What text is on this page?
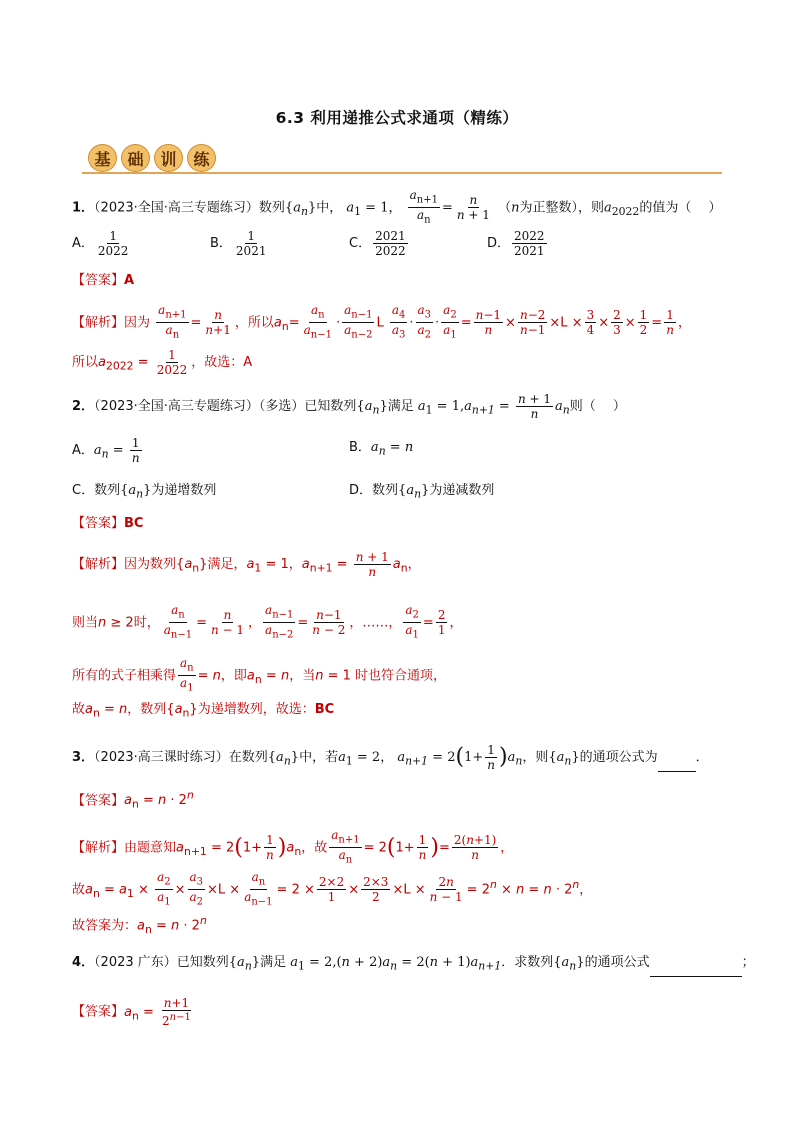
6.3 利用递推公式求通项（精练）
基	础	训	练
1．（2023·全国·高三专题练习）数列$\{a_n\}$中， $a_1 = 1$， $\frac{a_{n+1}}{a_n} = \frac{n}{n + 1} (n$为正整数），则$a_{2022}$的值为（　 ）
A． $\frac{1}{2022}$	B． $\frac{1}{2021}$	C． $\frac{2021}{2022}$	D． $\frac{2022}{2021}$
【答案】A
【解析】因为 $\frac{a_{n+1}}{a_n} = \frac{n}{n+1}$ ，所以$a_n= \frac{a_n}{a_{n-1}} \cdot \frac{a_{n-1}}{a_{n-2}}$ L $\frac{a_4}{a_3} \cdot \frac{a_3}{a_2} \cdot \frac{a_2}{a_1} = \frac{n-1}{n} \times \frac{n-2}{n-1} \times L \times \frac{3}{4} \times \frac{2}{3} \times \frac{1}{2} = \frac{1}{n}$ ，
所以$a_{2022} = \frac{1}{2022}$ ，故选：A
2．（2023·全国·高三专题练习）（多选）已知数列$\{a_n\}$满足 $a_1 = 1,a_{n+1} = \frac{n + 1}{n} a_n$则（　 ）
A．$a_n = \frac{1}{n}$	B．$a_n = n$
C．数列$\{a_n\}$为递增数列	D．数列$\{a_n\}$为递减数列
【答案】BC
【解析】因为数列$\{a_n\}$满足，$a_1 = 1$，$a_{n+1} = \frac{n + 1}{n} a_n$，
则当n ≥ 2时， $\frac{a_n}{a_{n-1}} = \frac{n}{n - 1}$ ， $\frac{a_{n-1}}{a_{n-2}} = \frac{n-1}{n - 2}$ ，……， $\frac{a_2}{a_1} = \frac{2}{1}$ ，
所有的式子相乘得 $\frac{a_n}{a_1} = n$，即$a_n = n$，当n = 1 时也符合通项，
故$a_n = n$，数列$\{a_n\}$为递增数列，故选：BC
3．（2023·高三课时练习）在数列$\{a_n\}$中，若$a_1 = 2$， $a_{n+1} = 2(1+ \frac{1}{n} )a_n$，则$\{a_n\}$的通项公式为	．
【答案】$a_n = n \cdot 2^n$
【解析】由题意知$a_{n+1} = 2(1+ \frac{1}{n} )a_n$，故 $\frac{a_{n+1}}{a_n} = 2(1+ \frac{1}{n}$ )= $\frac{2(n+1)}{n}$ ，
故$a_n = a_1 \times \frac{a_2}{a_1} \times \frac{a_3}{a_2} \times L \times \frac{a_n}{a_{n-1}} = 2 \times \frac{2\times 2}{1} \times \frac{2\times 3}{2} \times L \times \frac{2n}{n - 1} = 2^n \times n = n \cdot 2^n$，
故答案为：$a_n = n \cdot 2^n$
4．（2023 广东）已知数列$\{a_n\}$满足 $a_1 = 2,(n + 2)a_n = 2(n + 1)a_{n+1}$．求数列$\{a_n\}$的通项公式	；
【答案】$a_n = \frac{n+1}{2^{n-1}}$
